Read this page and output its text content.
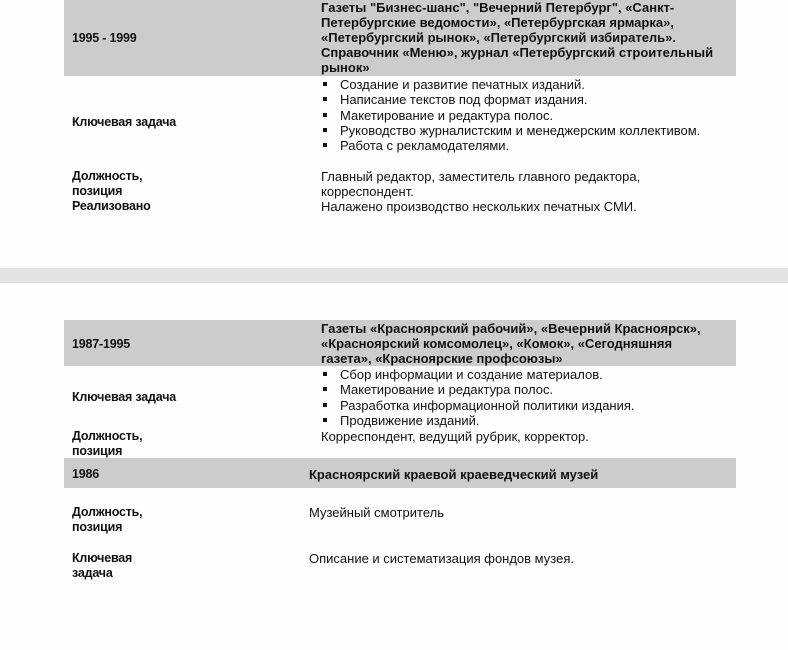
1995 - 1999
Газеты "Бизнес-шанс", "Вечерний Петербург", «Санкт-
Петербургские ведомости», «Петербургская ярмарка»,
«Петербургский рынок», «Петербургский избиратель».
Справочник «Меню», журнал «Петербургский строительный
рынок»
Ключевая задача
Создание и развитие печатных изданий.
Написание текстов под формат издания.
Макетирование и редактура полос.
Руководство журналистским и менеджерским коллективом.
Работа с рекламодателями.
Должность,
позиция
Главный редактор, заместитель главного редактора,
корреспондент.
Реализовано	Налажено производство нескольких печатных СМИ.
1987-1995
Газеты «Красноярский рабочий», «Вечерний Красноярск»,
«Красноярский комсомолец», «Комок», «Сегодняшняя
газета», «Красноярские профсоюзы»
Ключевая задача
Сбор информации и создание материалов.
Макетирование и редактура полос.
Разработка информационной политики издания.
Продвижение изданий.
Должность,
позиция
Корреспондент, ведущий рубрик, корректор.
1986	Красноярский краевой краеведческий музей
Должность,
позиция
Музейный смотритель
Ключевая
задача
Описание и систематизация фондов музея.
